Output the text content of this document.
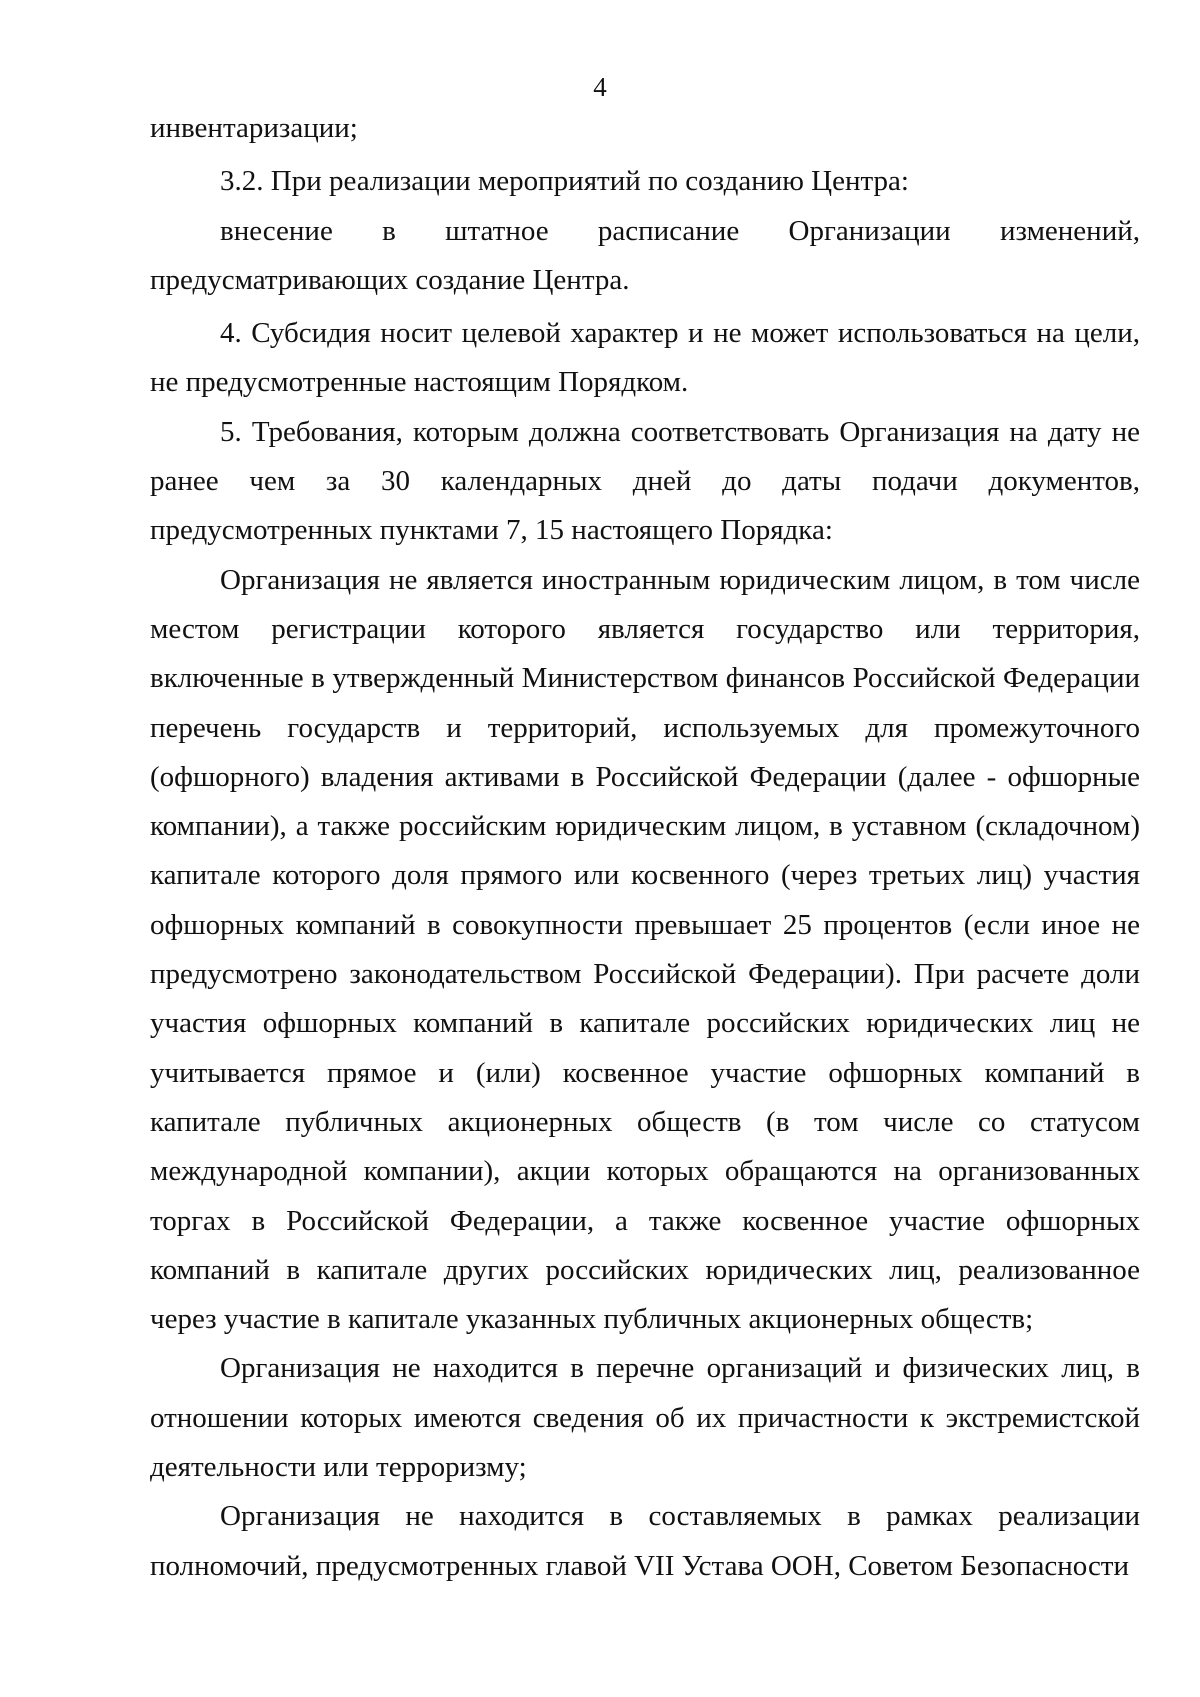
4

инвентаризации;

3.2. При реализации мероприятий по созданию Центра:

внесение в штатное расписание Организации изменений, предусматривающих создание Центра.

4. Субсидия носит целевой характер и не может использоваться на цели, не предусмотренные настоящим Порядком.

5. Требования, которым должна соответствовать Организация на дату не ранее чем за 30 календарных дней до даты подачи документов, предусмотренных пунктами 7, 15 настоящего Порядка:

Организация не является иностранным юридическим лицом, в том числе местом регистрации которого является государство или территория, включенные в утвержденный Министерством финансов Российской Федерации перечень государств и территорий, используемых для промежуточного (офшорного) владения активами в Российской Федерации (далее - офшорные компании), а также российским юридическим лицом, в уставном (складочном) капитале которого доля прямого или косвенного (через третьих лиц) участия офшорных компаний в совокупности превышает 25 процентов (если иное не предусмотрено законодательством Российской Федерации). При расчете доли участия офшорных компаний в капитале российских юридических лиц не учитывается прямое и (или) косвенное участие офшорных компаний в капитале публичных акционерных обществ (в том числе со статусом международной компании), акции которых обращаются на организованных торгах в Российской Федерации, а также косвенное участие офшорных компаний в капитале других российских юридических лиц, реализованное через участие в капитале указанных публичных акционерных обществ;

Организация не находится в перечне организаций и физических лиц, в отношении которых имеются сведения об их причастности к экстремистской деятельности или терроризму;

Организация не находится в составляемых в рамках реализации полномочий, предусмотренных главой VII Устава ООН, Советом Безопасности
